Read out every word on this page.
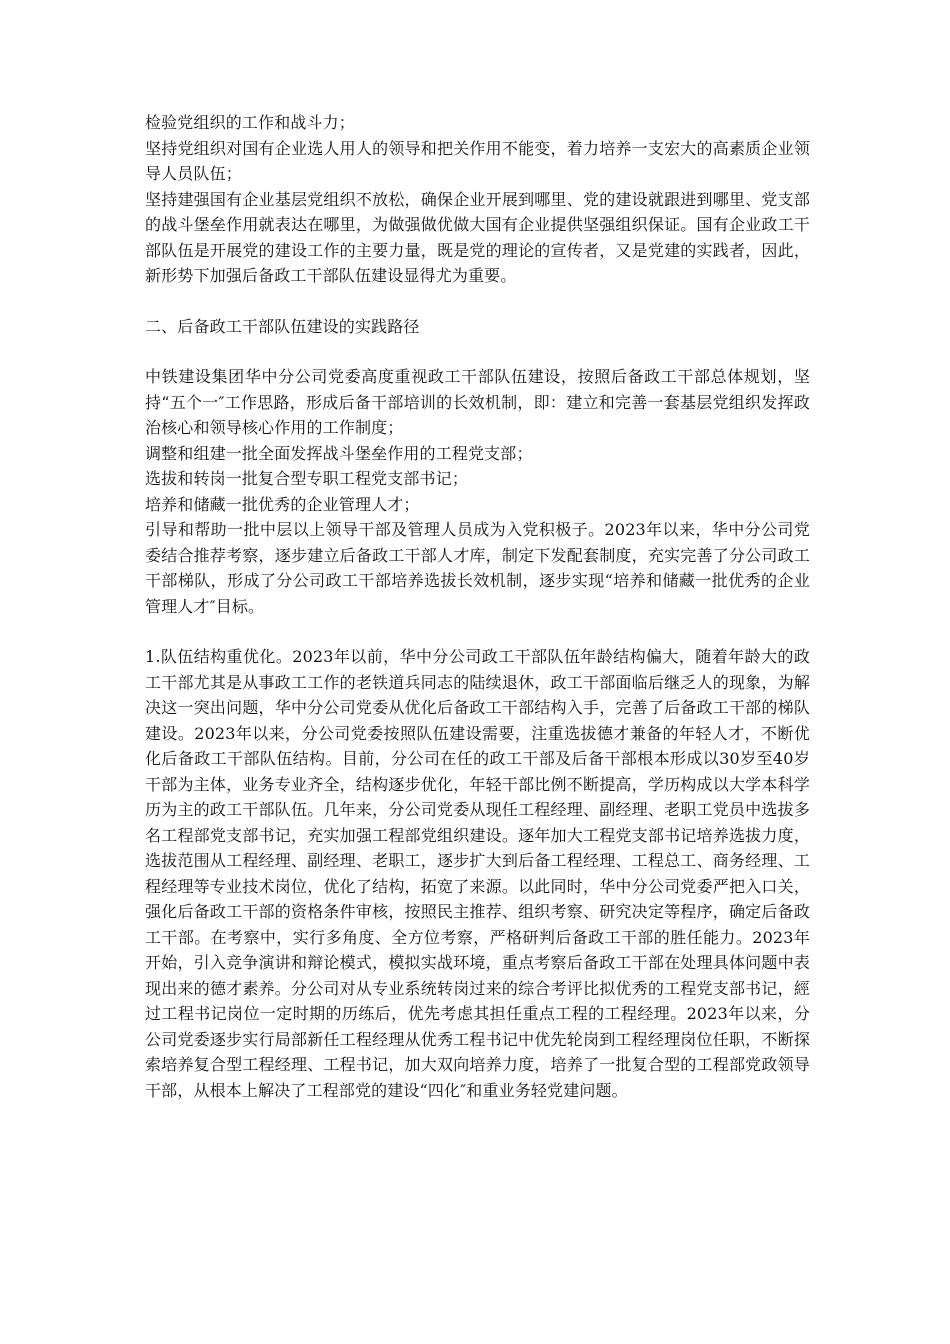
检验党组织的工作和战斗力；

坚持党组织对国有企业选人用人的领导和把关作用不能变，着力培养一支宏大的高素质企业领导人员队伍；

坚持建强国有企业基层党组织不放松，确保企业开展到哪里、党的建设就跟进到哪里、党支部的战斗堡垒作用就表达在哪里，为做强做优做大国有企业提供坚强组织保证。国有企业政工干部队伍是开展党的建设工作的主要力量，既是党的理论的宣传者，又是党建的实践者，因此，新形势下加强后备政工干部队伍建设显得尤为重要。

二、后备政工干部队伍建设的实践路径

中铁建设集团华中分公司党委高度重视政工干部队伍建设，按照后备政工干部总体规划，坚持“五个一″工作思路，形成后备干部培训的长效机制，即：建立和完善一套基层党组织发挥政治核心和领导核心作用的工作制度；

调整和组建一批全面发挥战斗堡垒作用的工程党支部；

选拔和转岗一批复合型专职工程党支部书记；

培养和储藏一批优秀的企业管理人才；

引导和帮助一批中层以上领导干部及管理人员成为入党积极子。2023年以来，华中分公司党委结合推荐考察，逐步建立后备政工干部人才库，制定下发配套制度，充实完善了分公司政工干部梯队，形成了分公司政工干部培养选拔长效机制，逐步实现“培养和储藏一批优秀的企业管理人才″目标。

1.队伍结构重优化。2023年以前，华中分公司政工干部队伍年龄结构偏大，随着年龄大的政工干部尤其是从事政工工作的老铁道兵同志的陆续退休，政工干部面临后继乏人的现象，为解决这一突出问题，华中分公司党委从优化后备政工干部结构入手，完善了后备政工干部的梯队建设。2023年以来，分公司党委按照队伍建设需要，注重选拔德才兼备的年轻人才，不断优化后备政工干部队伍结构。目前，分公司在任的政工干部及后备干部根本形成以30岁至40岁干部为主体，业务专业齐全，结构逐步优化，年轻干部比例不断提高，学历构成以大学本科学历为主的政工干部队伍。几年来，分公司党委从现任工程经理、副经理、老职工党员中选拔多名工程部党支部书记，充实加强工程部党组织建设。逐年加大工程党支部书记培养选拔力度，选拔范围从工程经理、副经理、老职工，逐步扩大到后备工程经理、工程总工、商务经理、工程经理等专业技术岗位，优化了结构，拓宽了来源。以此同时，华中分公司党委严把入口关，强化后备政工干部的资格条件审核，按照民主推荐、组织考察、研究决定等程序，确定后备政工干部。在考察中，实行多角度、全方位考察，严格研判后备政工干部的胜任能力。2023年开始，引入竞争演讲和辩论模式，模拟实战环境，重点考察后备政工干部在处理具体问题中表现出来的德才素养。分公司对从专业系统转岗过来的综合考评比拟优秀的工程党支部书记，經过工程书记岗位一定时期的历练后，优先考虑其担任重点工程的工程经理。2023年以来，分公司党委逐步实行局部新任工程经理从优秀工程书记中优先轮岗到工程经理岗位任职，不断探索培养复合型工程经理、工程书记，加大双向培养力度，培养了一批复合型的工程部党政领导干部，从根本上解决了工程部党的建设“四化″和重业务轻党建问题。
